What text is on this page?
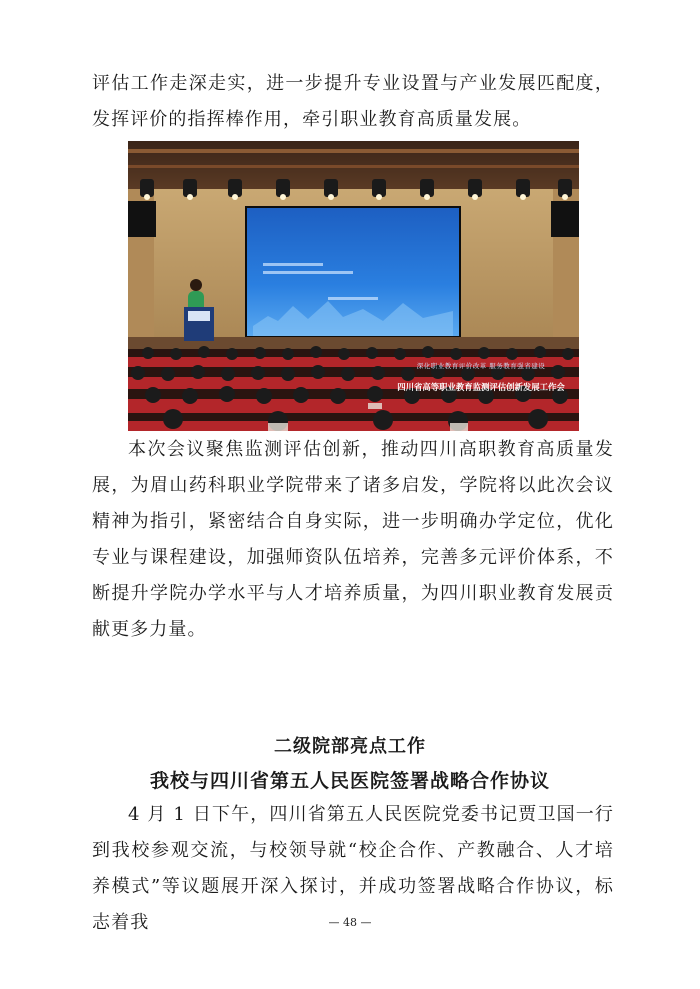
评估工作走深走实，进一步提升专业设置与产业发展匹配度，发挥评价的指挥棒作用，牵引职业教育高质量发展。

深化职业教育评价改革 服务教育强省建设
四川省高等职业教育监测评估创新发展工作会

本次会议聚焦监测评估创新，推动四川高职教育高质量发展，为眉山药科职业学院带来了诸多启发，学院将以此次会议精神为指引，紧密结合自身实际，进一步明确办学定位，优化专业与课程建设，加强师资队伍培养，完善多元评价体系，不断提升学院办学水平与人才培养质量，为四川职业教育发展贡献更多力量。

二级院部亮点工作
我校与四川省第五人民医院签署战略合作协议

4 月 1 日下午，四川省第五人民医院党委书记贾卫国一行到我校参观交流，与校领导就“校企合作、产教融合、人才培养模式”等议题展开深入探讨，并成功签署战略合作协议，标志着我	— 48 —
